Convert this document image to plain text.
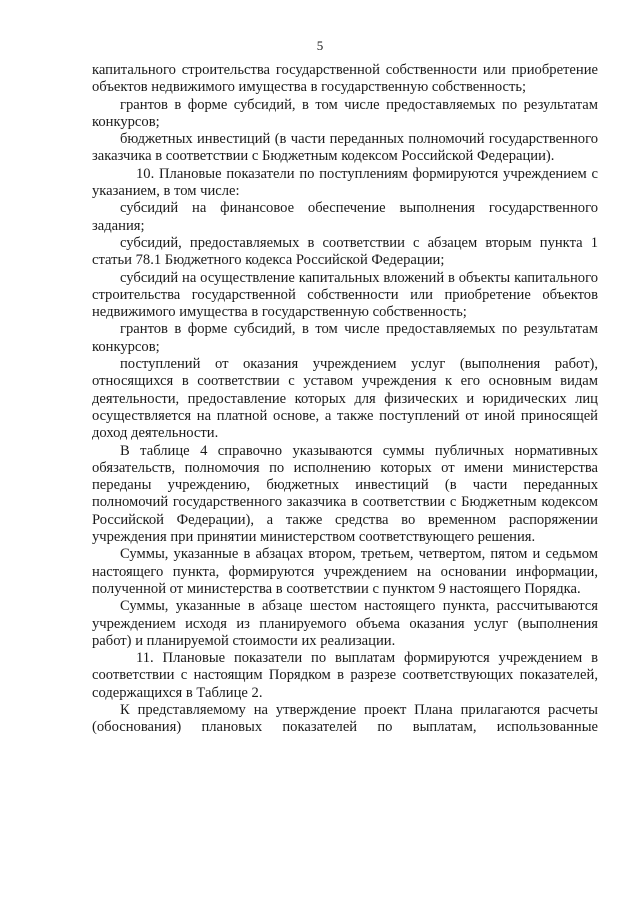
5

капитального строительства государственной собственности или приобретение объектов недвижимого имущества в государственную собственность;

грантов в форме субсидий, в том числе предоставляемых по результатам конкурсов;

бюджетных инвестиций (в части переданных полномочий государственного заказчика в соответствии с Бюджетным кодексом Российской Федерации).

10. Плановые показатели по поступлениям формируются учреждением с указанием, в том числе:

субсидий на финансовое обеспечение выполнения государственного задания;

субсидий, предоставляемых в соответствии с абзацем вторым пункта 1 статьи 78.1 Бюджетного кодекса Российской Федерации;

субсидий на осуществление капитальных вложений в объекты капитального строительства государственной собственности или приобретение объектов недвижимого имущества в государственную собственность;

грантов в форме субсидий, в том числе предоставляемых по результатам конкурсов;

поступлений от оказания учреждением услуг (выполнения работ), относящихся в соответствии с уставом учреждения к его основным видам деятельности, предоставление которых для физических и юридических лиц осуществляется на платной основе, а также поступлений от иной приносящей доход деятельности.

В таблице 4 справочно указываются суммы публичных нормативных обязательств, полномочия по исполнению которых от имени министерства переданы учреждению, бюджетных инвестиций (в части переданных полномочий государственного заказчика в соответствии с Бюджетным кодексом Российской Федерации), а также средства во временном распоряжении учреждения при принятии министерством соответствующего решения.

Суммы, указанные в абзацах втором, третьем, четвертом, пятом и седьмом настоящего пункта, формируются учреждением на основании информации, полученной от министерства в соответствии с пунктом 9 настоящего Порядка.

Суммы, указанные в абзаце шестом настоящего пункта, рассчитываются учреждением исходя из планируемого объема оказания услуг (выполнения работ) и планируемой стоимости их реализации.

11. Плановые показатели по выплатам формируются учреждением в соответствии с настоящим Порядком в разрезе соответствующих показателей, содержащихся в Таблице 2.

К представляемому на утверждение проект Плана прилагаются расчеты (обоснования) плановых показателей по выплатам, использованные
